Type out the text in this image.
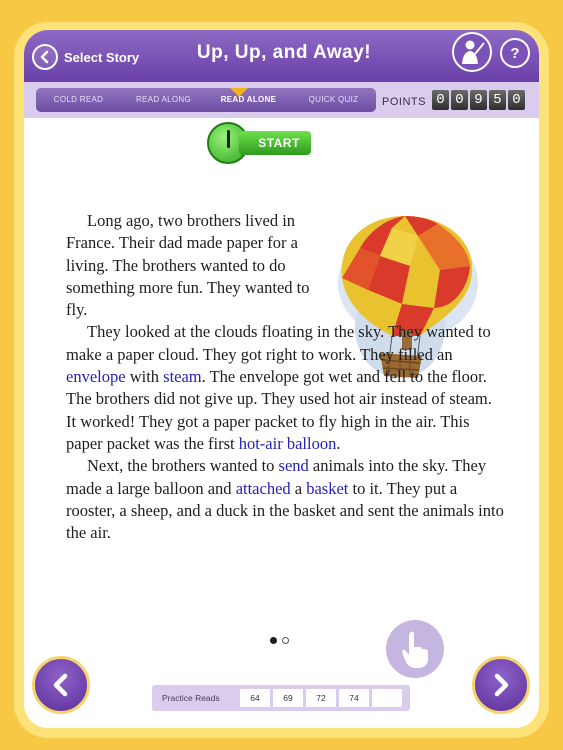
Select Story	Up, Up, and Away!	?
COLD READ	READ ALONG	READ ALONE	QUICK QUIZ	POINTS 0 0 9 5 0
START

Long ago, two brothers lived in France. Their dad made paper for a living. The brothers wanted to do something more fun. They wanted to fly.

They looked at the clouds floating in the sky. They wanted to make a paper cloud. They got right to work. They filled an envelope with steam. The envelope got wet and fell to the floor. The brothers did not give up. They used hot air instead of steam. It worked! They got a paper packet to fly high in the air. This paper packet was the first hot-air balloon.

Next, the brothers wanted to send animals into the sky. They made a large balloon and attached a basket to it. They put a rooster, a sheep, and a duck in the basket and sent the animals into the air.

Practice Reads	64	69	72	74
